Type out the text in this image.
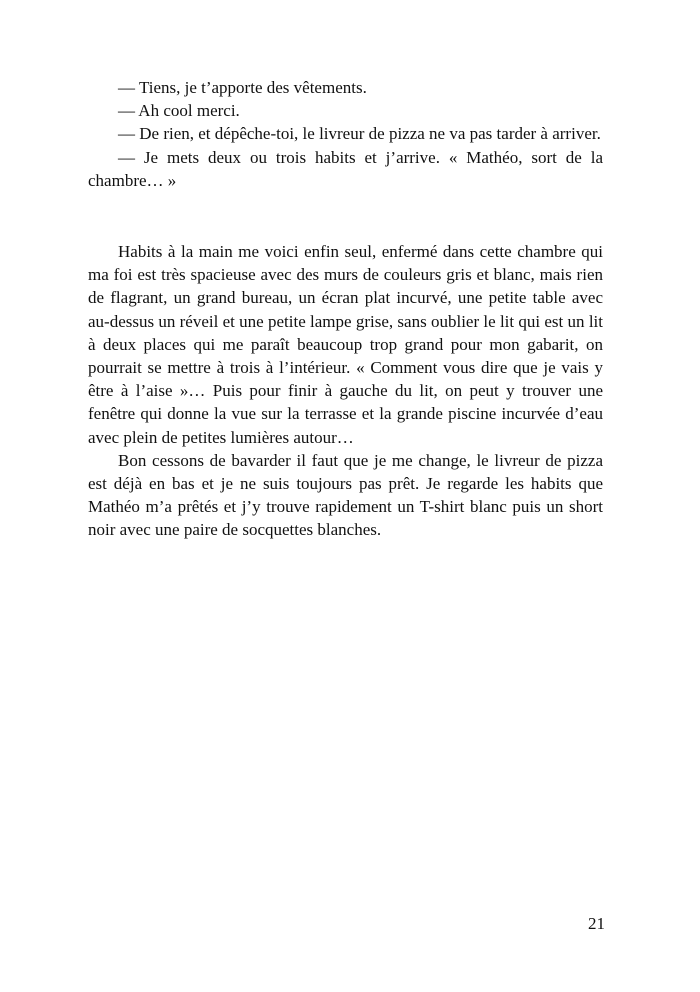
— Tiens, je t’apporte des vêtements.

— Ah cool merci.

— De rien, et dépêche-toi, le livreur de pizza ne va pas tarder à arriver.

— Je mets deux ou trois habits et j’arrive. « Mathéo, sort de la chambre… »

Habits à la main me voici enfin seul, enfermé dans cette chambre qui ma foi est très spacieuse avec des murs de couleurs gris et blanc, mais rien de flagrant, un grand bureau, un écran plat incurvé, une petite table avec au-dessus un réveil et une petite lampe grise, sans oublier le lit qui est un lit à deux places qui me paraît beaucoup trop grand pour mon gabarit, on pourrait se mettre à trois à l’intérieur. « Comment vous dire que je vais y être à l’aise »… Puis pour finir à gauche du lit, on peut y trouver une fenêtre qui donne la vue sur la terrasse et la grande piscine incurvée d’eau avec plein de petites lumières autour…

Bon cessons de bavarder il faut que je me change, le livreur de pizza est déjà en bas et je ne suis toujours pas prêt. Je regarde les habits que Mathéo m’a prêtés et j’y trouve rapidement un T-shirt blanc puis un short noir avec une paire de socquettes blanches.

21
